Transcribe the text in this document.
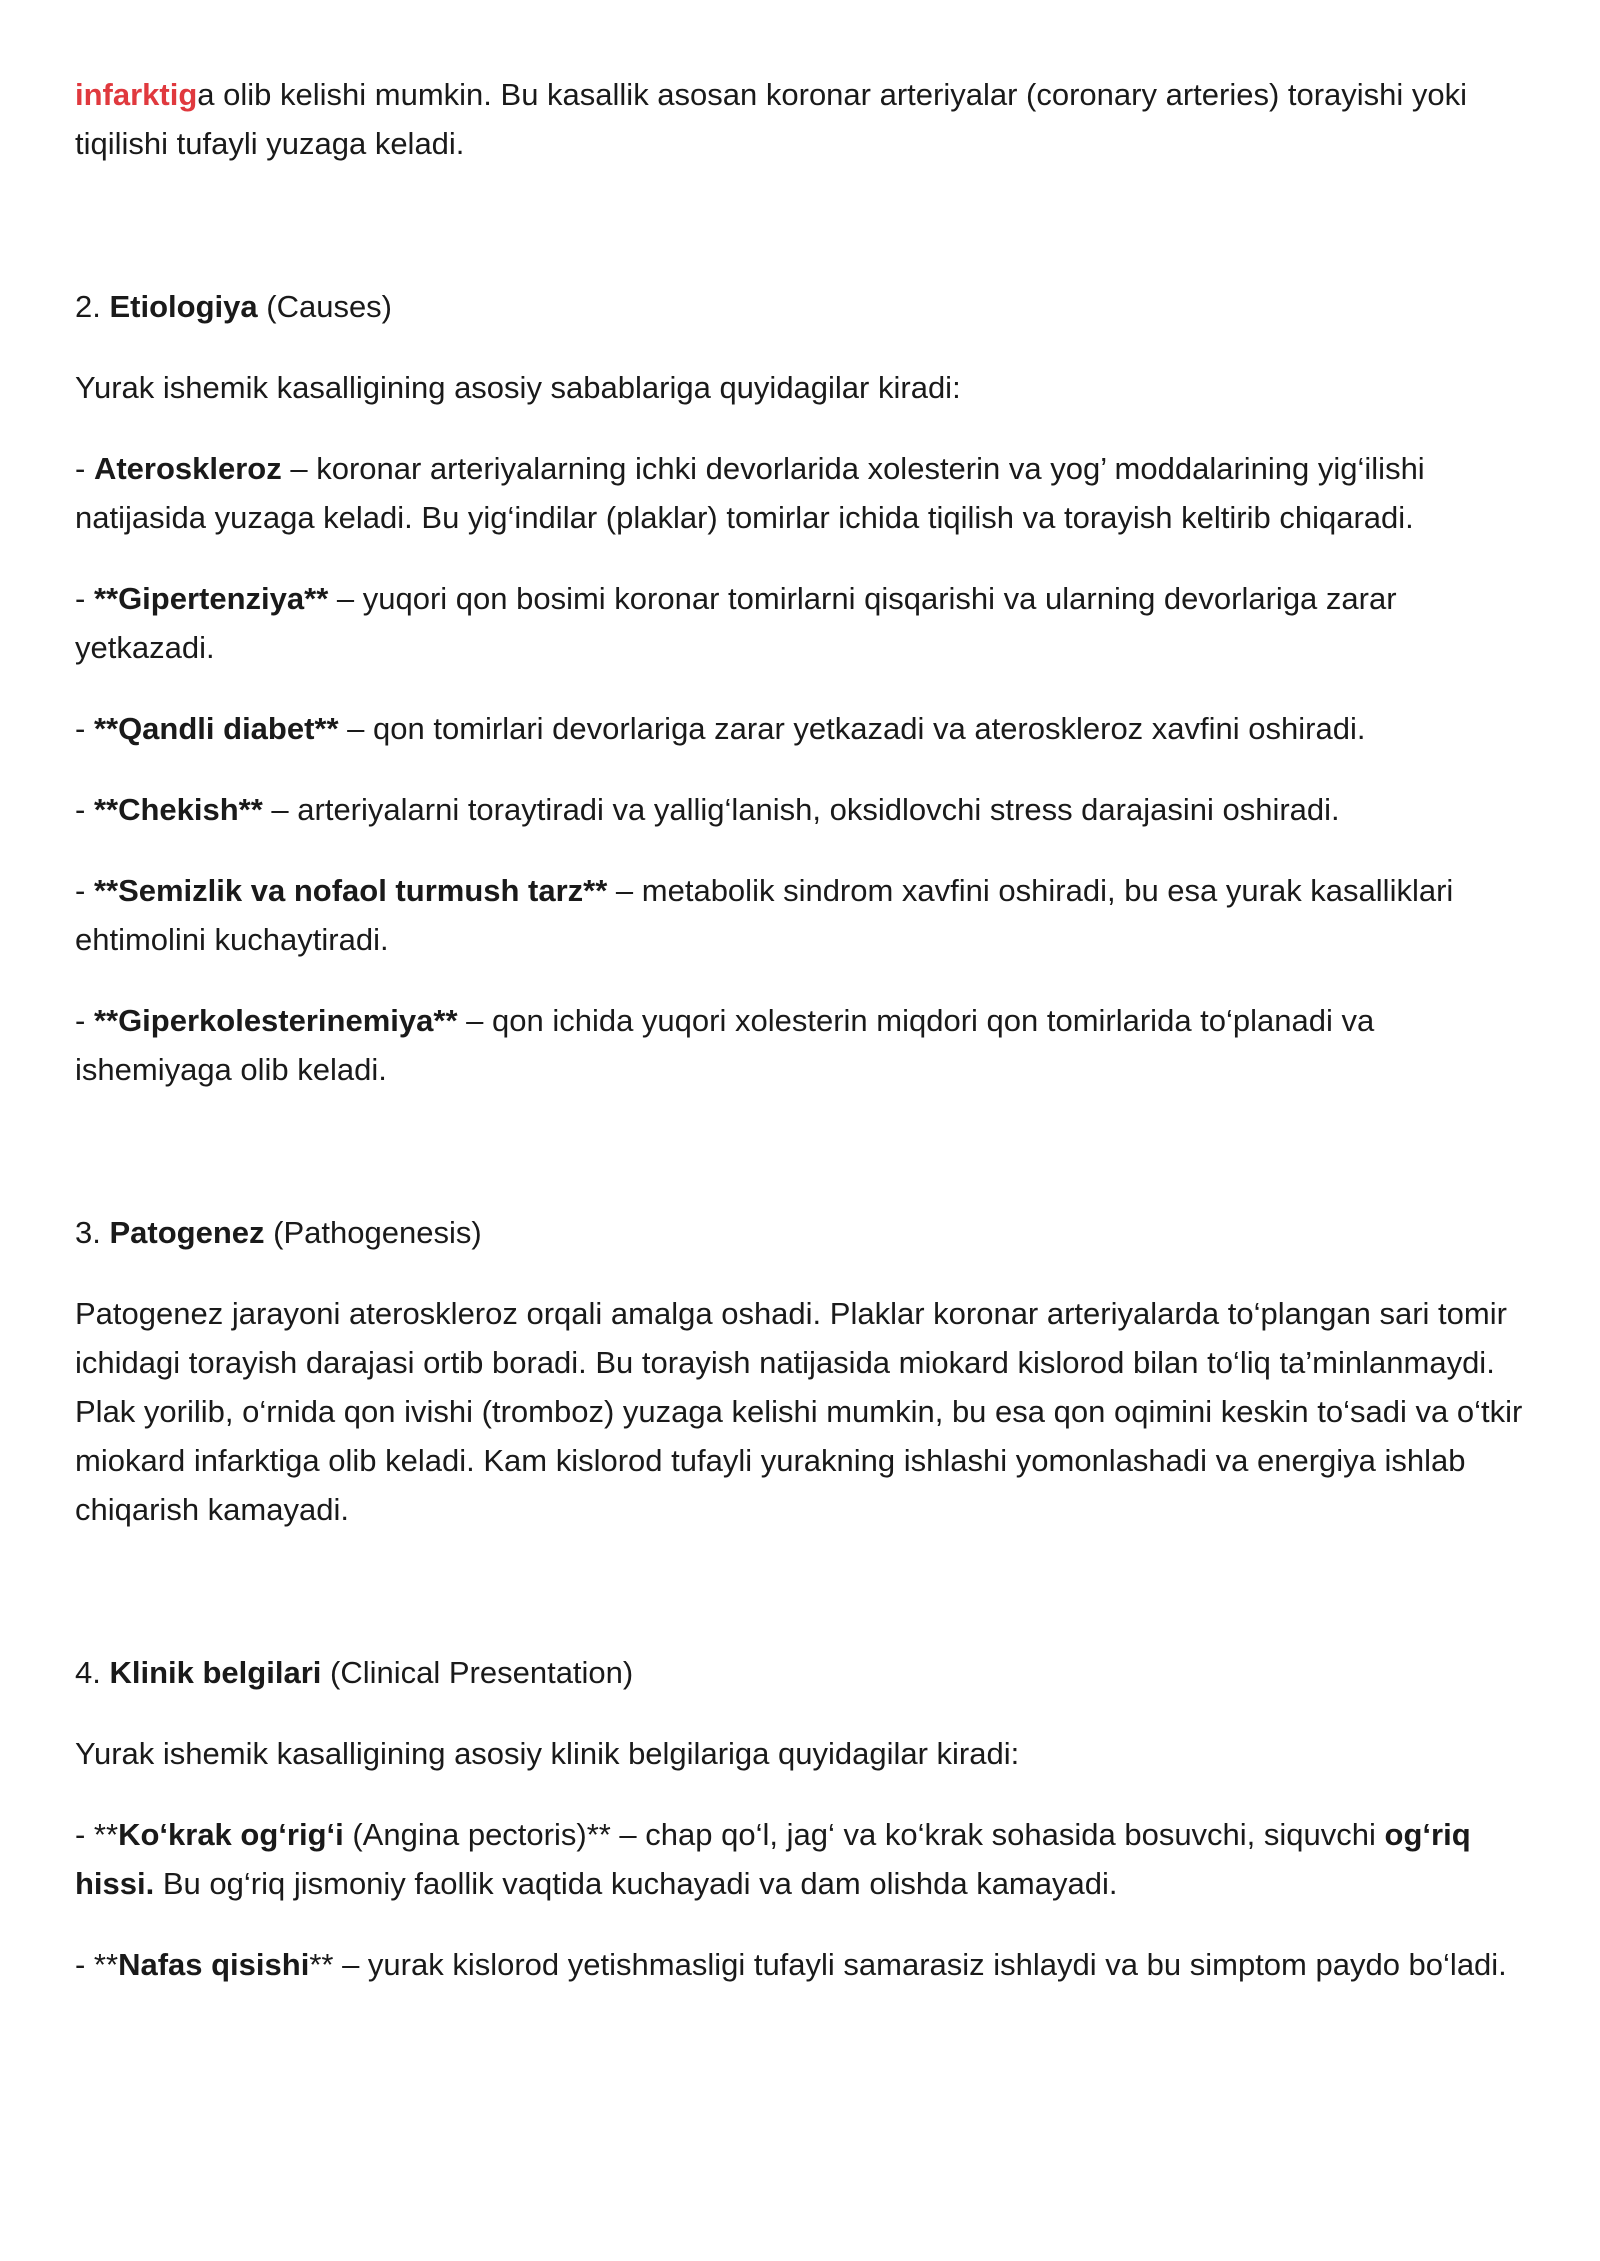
infarktiga olib kelishi mumkin. Bu kasallik asosan koronar arteriyalar (coronary arteries) torayishi yoki tiqilishi tufayli yuzaga keladi.

2. Etiologiya (Causes)

Yurak ishemik kasalligining asosiy sabablariga quyidagilar kiradi:

- Ateroskleroz – koronar arteriyalarning ichki devorlarida xolesterin va yog’ moddalarining yig‘ilishi natijasida yuzaga keladi. Bu yig‘indilar (plaklar) tomirlar ichida tiqilish va torayish keltirib chiqaradi.

- **Gipertenziya** – yuqori qon bosimi koronar tomirlarni qisqarishi va ularning devorlariga zarar yetkazadi.

- **Qandli diabet** – qon tomirlari devorlariga zarar yetkazadi va ateroskleroz xavfini oshiradi.

- **Chekish** – arteriyalarni toraytiradi va yallig‘lanish, oksidlovchi stress darajasini oshiradi.

- **Semizlik va nofaol turmush tarz** – metabolik sindrom xavfini oshiradi, bu esa yurak kasalliklari ehtimolini kuchaytiradi.

- **Giperkolesterinemiya** – qon ichida yuqori xolesterin miqdori qon tomirlarida to‘planadi va ishemiyaga olib keladi.

3. Patogenez (Pathogenesis)

Patogenez jarayoni ateroskleroz orqali amalga oshadi. Plaklar koronar arteriyalarda to‘plangan sari tomir ichidagi torayish darajasi ortib boradi. Bu torayish natijasida miokard kislorod bilan to‘liq ta’minlanmaydi. Plak yorilib, o‘rnida qon ivishi (tromboz) yuzaga kelishi mumkin, bu esa qon oqimini keskin to‘sadi va o‘tkir miokard infarktiga olib keladi. Kam kislorod tufayli yurakning ishlashi yomonlashadi va energiya ishlab chiqarish kamayadi.

4. Klinik belgilari (Clinical Presentation)

Yurak ishemik kasalligining asosiy klinik belgilariga quyidagilar kiradi:

- **Ko‘krak og‘rig‘i (Angina pectoris)** – chap qo‘l, jag‘ va ko‘krak sohasida bosuvchi, siquvchi og‘riq hissi. Bu og‘riq jismoniy faollik vaqtida kuchayadi va dam olishda kamayadi.

- **Nafas qisishi** – yurak kislorod yetishmasligi tufayli samarasiz ishlaydi va bu simptom paydo bo‘ladi.
